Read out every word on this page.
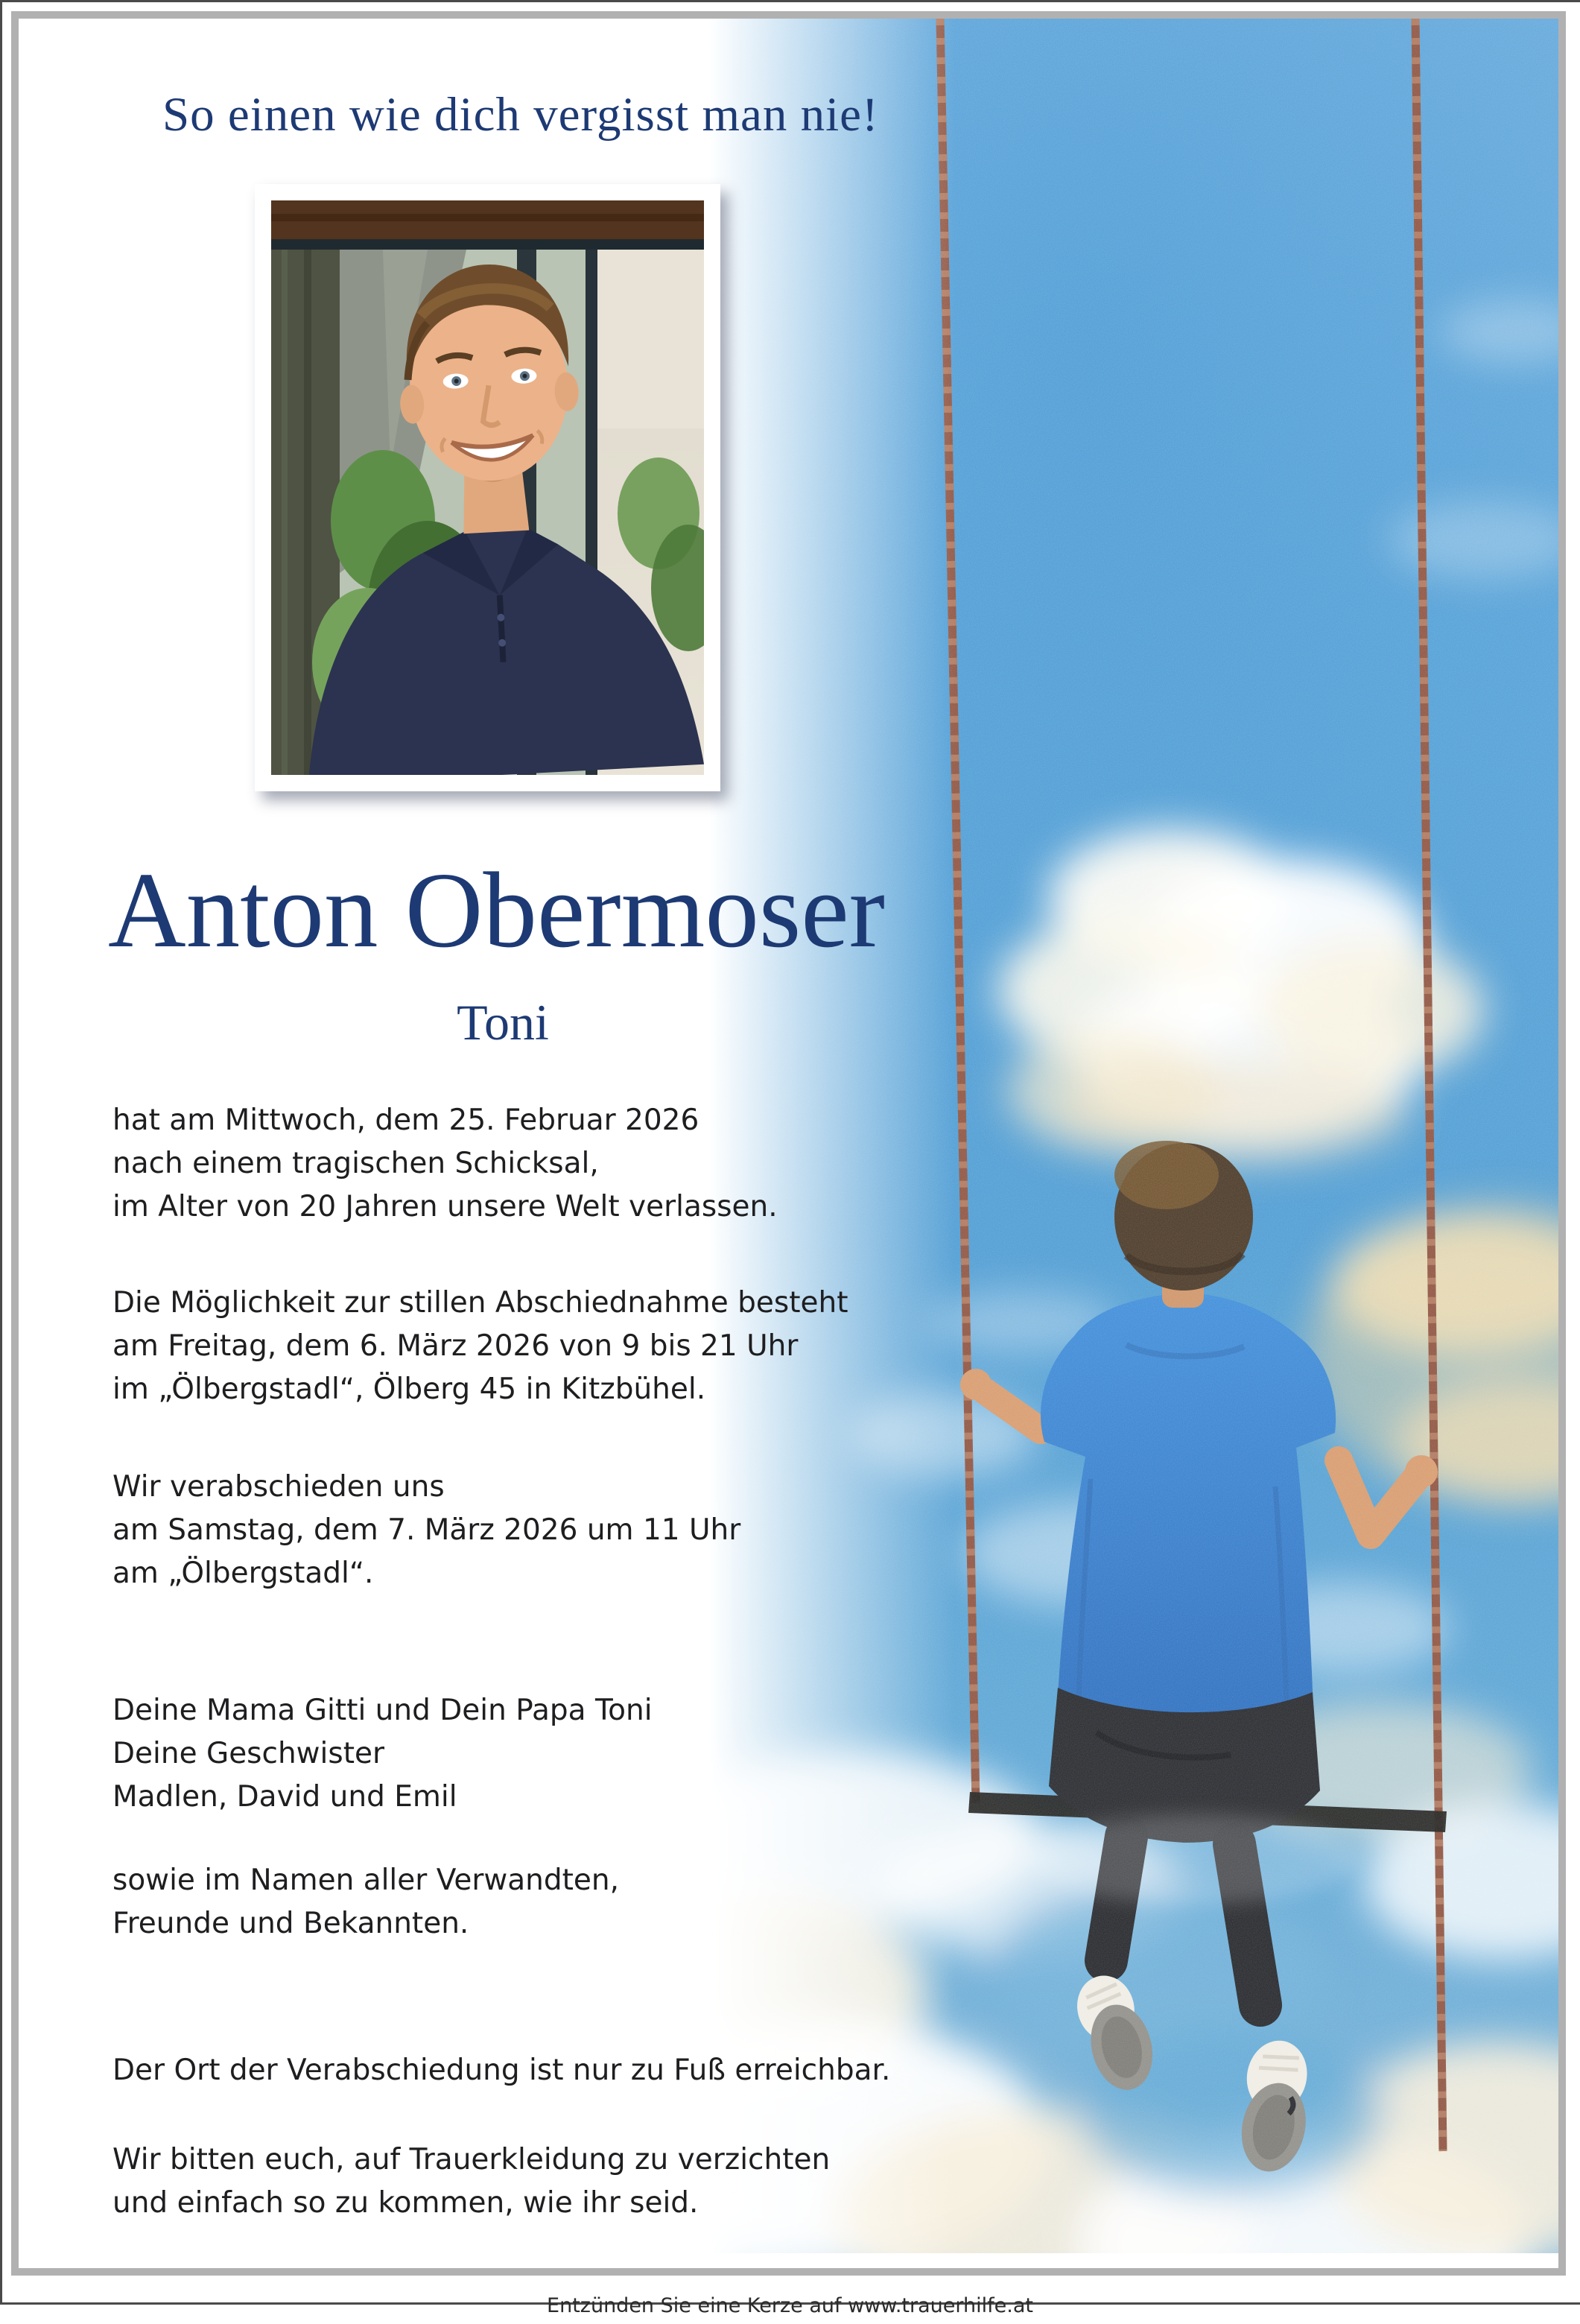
So einen wie dich vergisst man nie!
Anton Obermoser
Toni

hat am Mittwoch, dem 25. Februar 2026
nach einem tragischen Schicksal,
im Alter von 20 Jahren unsere Welt verlassen.

Die Möglichkeit zur stillen Abschiednahme besteht
am Freitag, dem 6. März 2026 von 9 bis 21 Uhr
im „Ölbergstadl“, Ölberg 45 in Kitzbühel.

Wir verabschieden uns
am Samstag, dem 7. März 2026 um 11 Uhr
am „Ölbergstadl“.

Deine Mama Gitti und Dein Papa Toni
Deine Geschwister
Madlen, David und Emil

sowie im Namen aller Verwandten,
Freunde und Bekannten.

Der Ort der Verabschiedung ist nur zu Fuß erreichbar.

Wir bitten euch, auf Trauerkleidung zu verzichten
und einfach so zu kommen, wie ihr seid.

Entzünden Sie eine Kerze auf www.trauerhilfe.at
